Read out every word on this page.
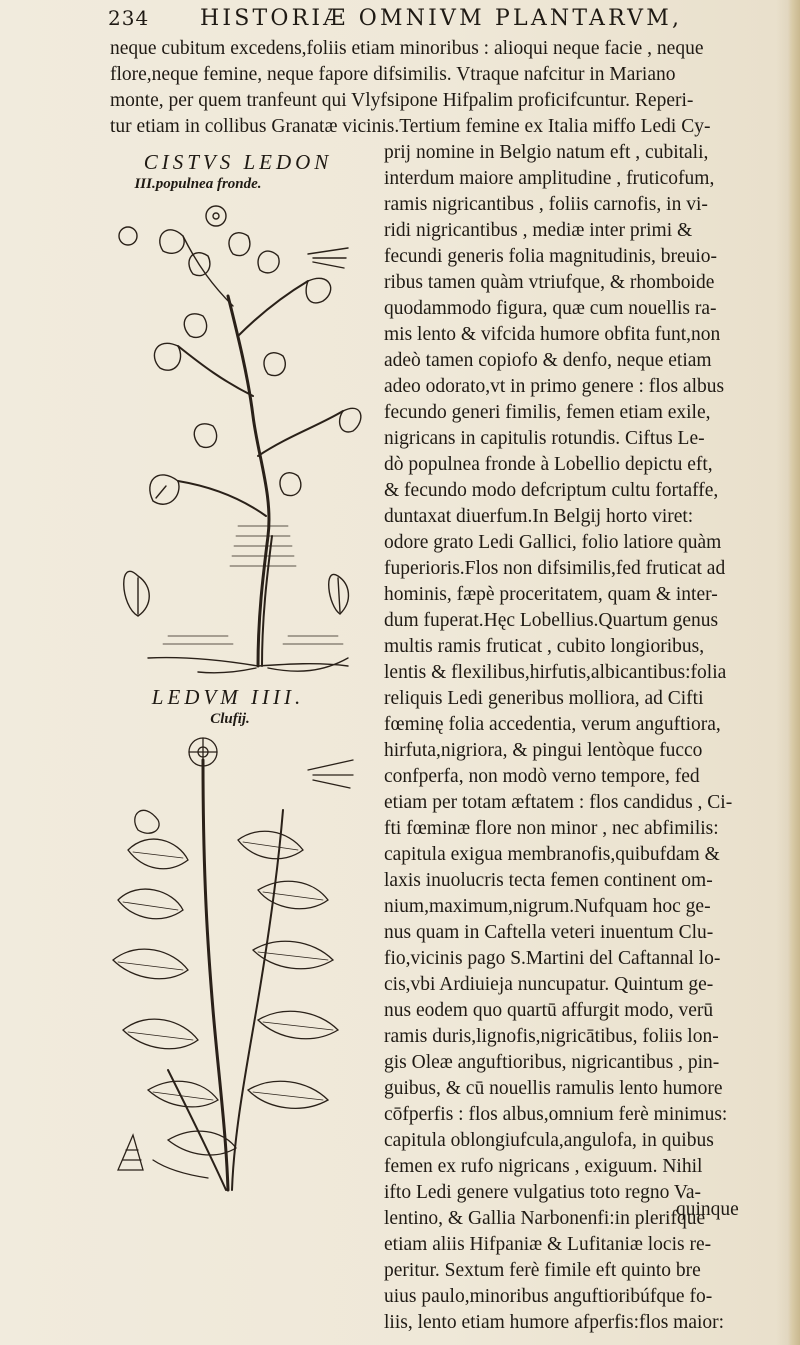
234 HISTORIÆ OMNIVM PLANTARVM,
neque cubitum excedens,foliis etiam minoribus : alioqui neque facie , neque
flore,neque femine, neque fapore difsimilis. Vtraque nafcitur in Mariano
monte, per quem tranfeunt qui Vlyfsipone Hifpalim proficifcuntur. Reperi-
tur etiam in collibus Granatæ vicinis.Tertium femine ex Italia miffo Ledi Cy-
prij nomine in Belgio natum eft , cubitali,
interdum maiore amplitudine , fruticofum,
ramis nigricantibus , foliis carnofis, in vi-
ridi nigricantibus , mediæ inter primi &
fecundi generis folia magnitudinis, breuio-
ribus tamen quàm vtriufque, & rhomboide
quodammodo figura, quæ cum nouellis ra-
mis lento & vifcida humore obfita funt,non
adeò tamen copiofo & denfo, neque etiam
adeo odorato,vt in primo genere : flos albus
fecundo generi fimilis, femen etiam exile,
nigricans in capitulis rotundis. Ciftus Le-
dò populnea fronde à Lobellio depictu eft,
& fecundo modo defcriptum cultu fortaffe,
duntaxat diuerfum.In Belgij horto viret:
odore grato Ledi Gallici, folio latiore quàm
fuperioris.Flos non difsimilis,fed fruticat ad
hominis, fæpè proceritatem, quam & inter-
dum fuperat.Hęc Lobellius.Quartum genus
multis ramis fruticat , cubito longioribus,
lentis & flexilibus,hirfutis,albicantibus:folia
reliquis Ledi generibus molliora, ad Cifti
fœminę folia accedentia, verum anguftiora,
hirfuta,nigriora, & pingui lentòque fucco
confperfa, non modò verno tempore, fed
etiam per totam æftatem : flos candidus , Ci-
fti fœminæ flore non minor , nec abfimilis:
capitula exigua membranofis,quibufdam &
laxis inuolucris tecta femen continent om-
nium,maximum,nigrum.Nufquam hoc ge-
nus quam in Caftella veteri inuentum Clu-
fio,vicinis pago S.Martini del Caftannal lo-
cis,vbi Ardiuieja nuncupatur. Quintum ge-
nus eodem quo quartū affurgit modo, verū
ramis duris,lignofis,nigricātibus, foliis lon-
gis Oleæ anguftioribus, nigricantibus , pin-
guibus, & cū nouellis ramulis lento humore
cōfperfis : flos albus,omnium ferè minimus:
capitula oblongiufcula,angulofa, in quibus
femen ex rufo nigricans , exiguum. Nihil
ifto Ledi genere vulgatius toto regno Va-
lentino, & Gallia Narbonenfi:in plerifque
etiam aliis Hifpaniæ & Lufitaniæ locis re-
peritur. Sextum ferè fimile eft quinto bre
uius paulo,minoribus anguftioribúfque fo-
liis, lento etiam humore afperfis:flos maior:
CISTVS LEDON
III.populnea fronde.
LEDVM IIII.
Clufij.
quinque
